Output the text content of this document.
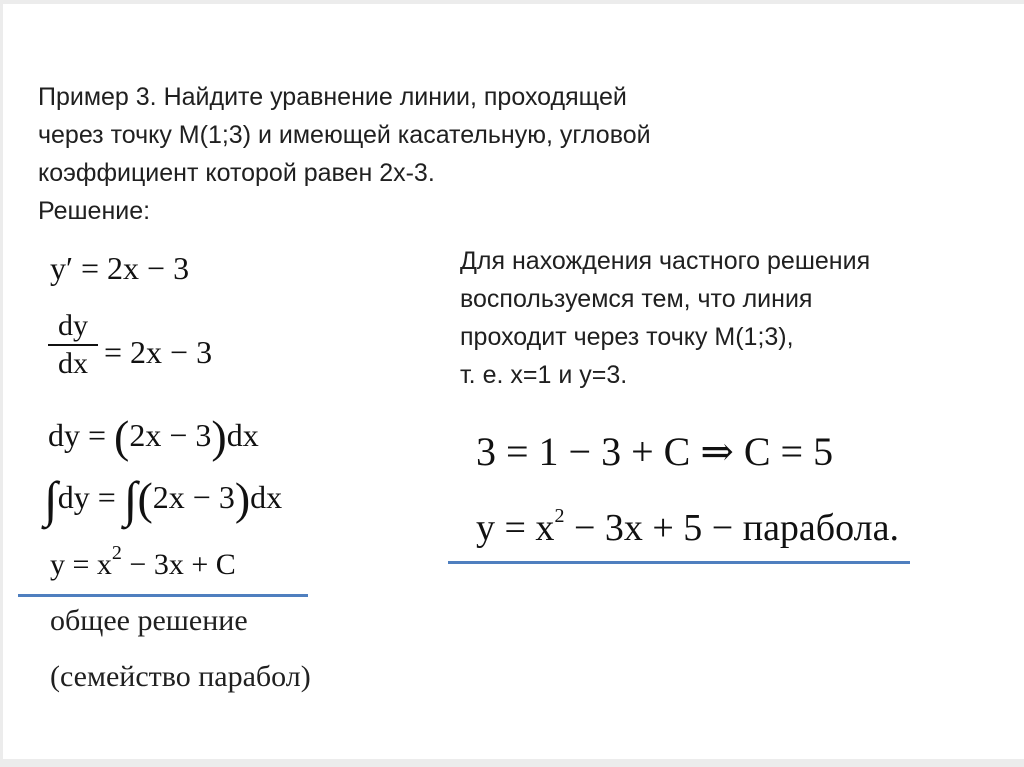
Пример 3. Найдите уравнение линии, проходящей
через точку М(1;3) и имеющей касательную, угловой
коэффициент которой равен 2х-3.
Решение:
y′ = 2x − 3
dy
dx = 2x − 3
dy = (2x − 3)dx
∫dy = ∫(2x − 3)dx
$y = x^2 - 3x + C$
общее решение
(семейство парабол)
Для нахождения частного решения
воспользуемся тем, что линия
проходит через точку М(1;3),
т. е. х=1 и у=3.
3 = 1 − 3 + C ⇒ C = 5
$y = x^2 - 3x + 5$ − парабола.
